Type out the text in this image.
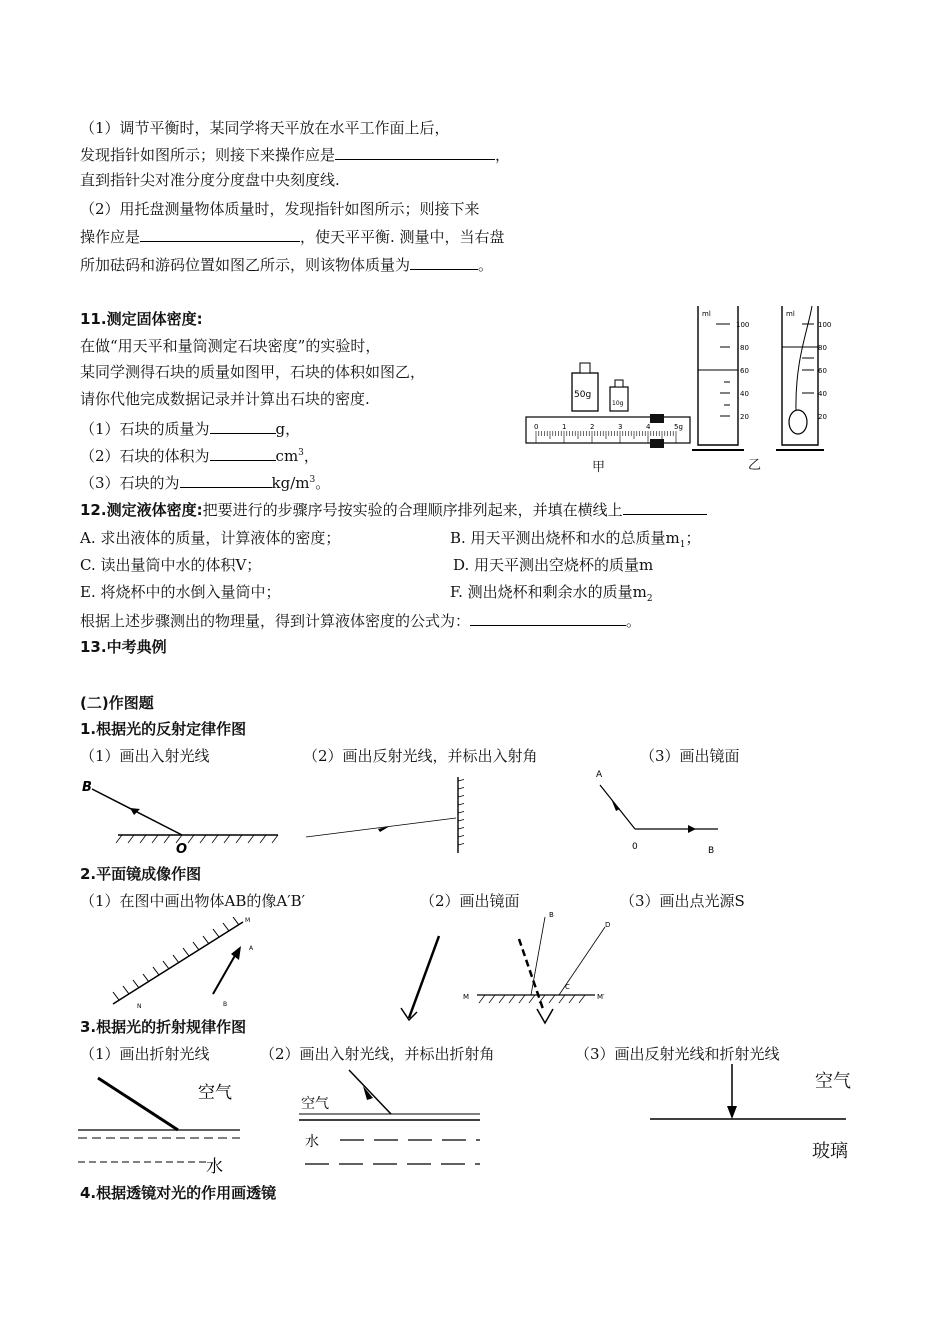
（1）调节平衡时，某同学将天平放在水平工作面上后，
发现指针如图所示；则接下来操作应是	，
直到指针尖对准分度分度盘中央刻度线.
（2）用托盘测量物体质量时，发现指针如图所示；则接下来
操作应是	，使天平平衡. 测量中，当右盘
所加砝码和游码位置如图乙所示，则该物体质量为	。
11.测定固体密度:
在做“用天平和量筒测定石块密度”的实验时，
某同学测得石块的质量如图甲，石块的体积如图乙，
请你代他完成数据记录并计算出石块的密度.
（1）石块的质量为	g，
（2）石块的体积为	$cm^3$，
（3）石块的为	$kg/m^3$。
50g
10g
0	1	2	3	4	5g
甲
ml
100
80
60
40
20
ml
100
80
60
40
20
乙
12.测定液体密度:把要进行的步骤序号按实验的合理顺序排列起来，并填在横线上
A. 求出液体的质量，计算液体的密度；	B. 用天平测出烧杯和水的总质量$m_1$；
C. 读出量筒中水的体积V；	D. 用天平测出空烧杯的质量m
E. 将烧杯中的水倒入量筒中；	F. 测出烧杯和剩余水的质量$m_2$
根据上述步骤测出的物理量，得到计算液体密度的公式为：	。
13.中考典例
(二)作图题
1.根据光的反射定律作图
（1）画出入射光线	（2）画出反射光线，并标出入射角	（3）画出镜面
B
O
A
0	B
2.平面镜成像作图
（1）在图中画出物体AB的像A′B′	（2）画出镜面	（3）画出点光源S
M
N
A
B
B
D
M
C
M′
3.根据光的折射规律作图
（1）画出折射光线	（2）画出入射光线，并标出折射角	（3）画出反射光线和折射光线
空气
水
空气
水
空气
玻璃
4.根据透镜对光的作用画透镜
